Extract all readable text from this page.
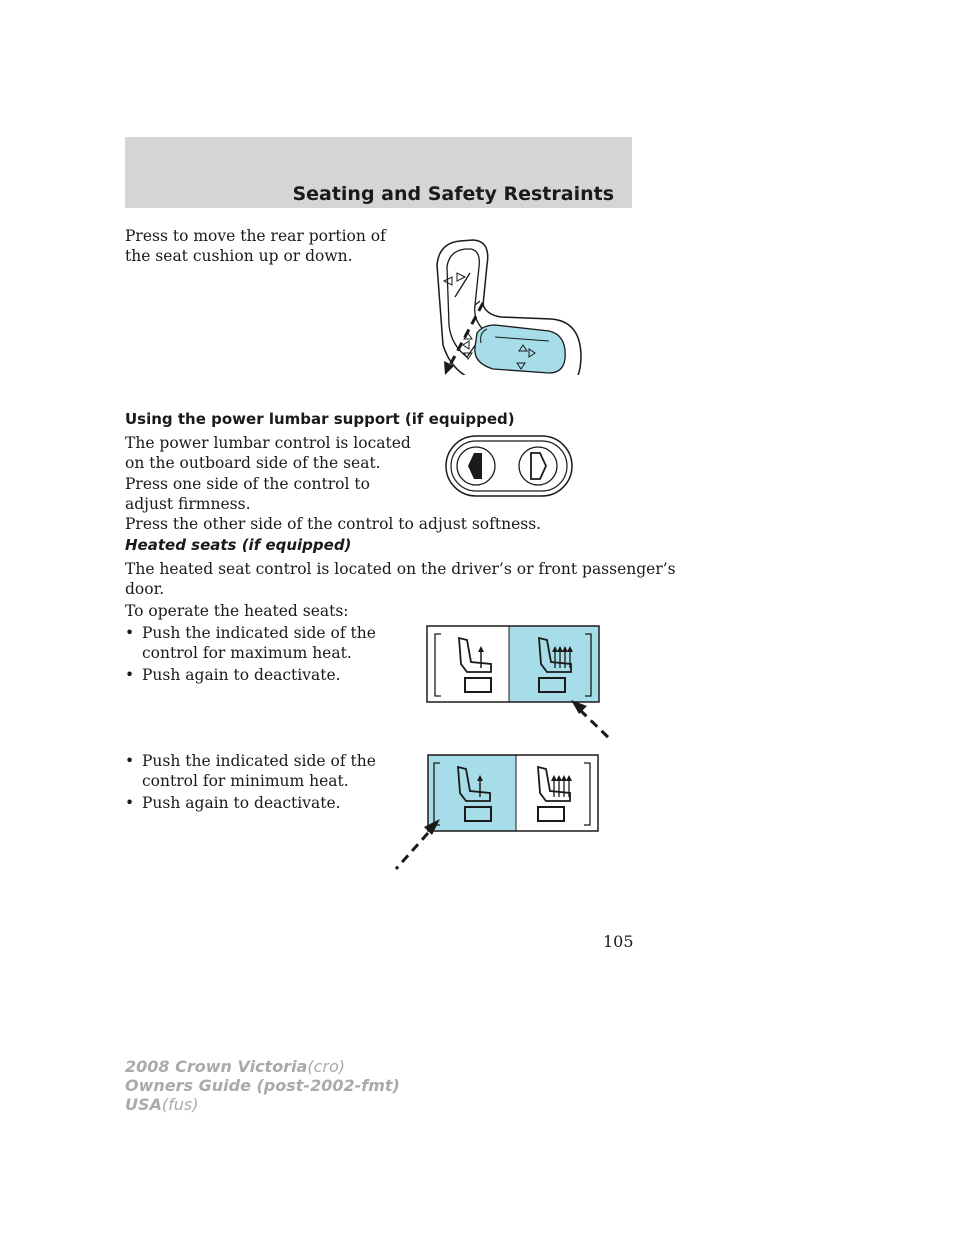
Seating and Safety Restraints

Press to move the rear portion of

the seat cushion up or down.

Using the power lumbar support (if equipped)

The power lumbar control is located

on the outboard side of the seat.

Press one side of the control to

adjust firmness.

Press the other side of the control to adjust softness.

Heated seats (if equipped)

The heated seat control is located on the driver’s or front passenger’s

door.

To operate the heated seats:

• Push the indicated side of the
control for maximum heat.
• Push again to deactivate.
• Push the indicated side of the
control for minimum heat.
• Push again to deactivate.
105
2008 Crown Victoria(cro)
Owners Guide (post-2002-fmt)
USA(fus)
